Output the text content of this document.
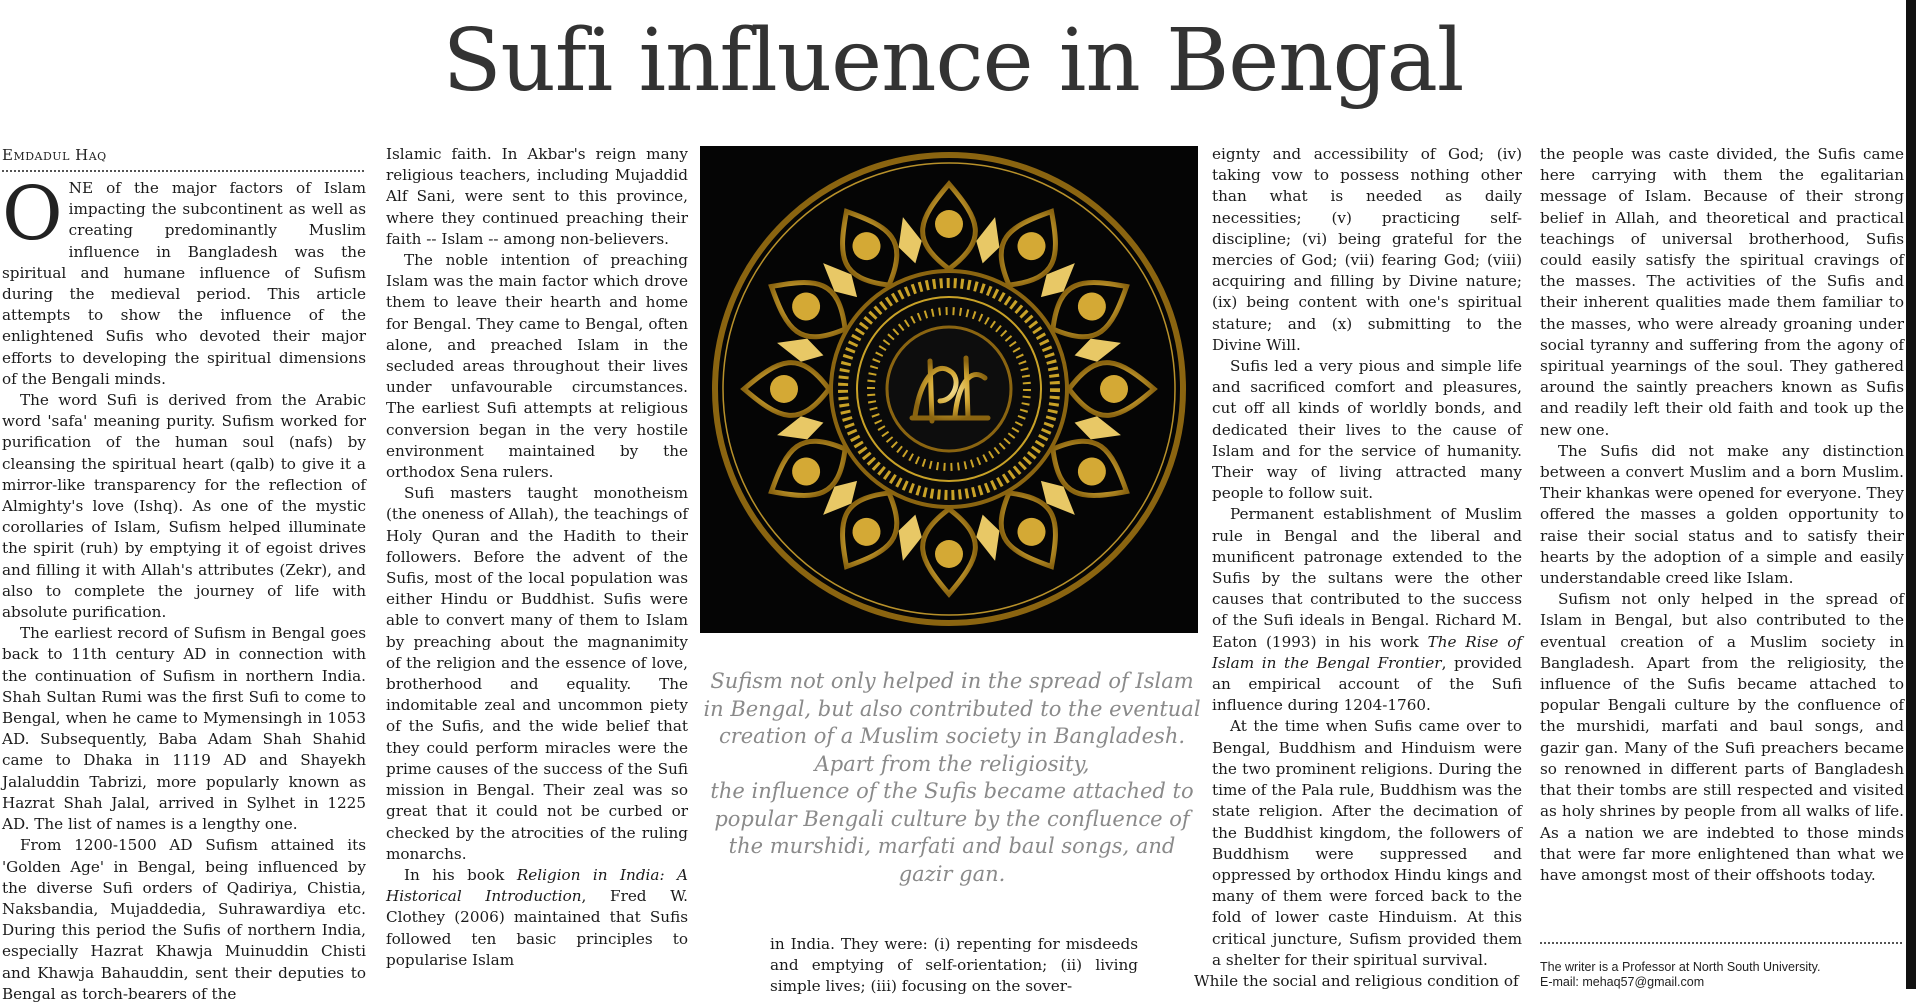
Sufi influence in Bengal
Emdadul Haq

ONE of the major factors of Islam impacting the subcontinent as well as creating predominantly Muslim influence in Bangladesh was the spiritual and humane influence of Sufism during the medieval period. This article attempts to show the influence of the enlightened Sufis who devoted their major efforts to developing the spiritual dimensions of the Bengali minds.

The word Sufi is derived from the Arabic word 'safa' meaning purity. Sufism worked for purification of the human soul (nafs) by cleansing the spiritual heart (qalb) to give it a mirror-like transparency for the reflection of Almighty's love (Ishq). As one of the mystic corollaries of Islam, Sufism helped illuminate the spirit (ruh) by emptying it of egoist drives and filling it with Allah's attributes (Zekr), and also to complete the journey of life with absolute purification.

The earliest record of Sufism in Bengal goes back to 11th century AD in connection with the continuation of Sufism in northern India. Shah Sultan Rumi was the first Sufi to come to Bengal, when he came to Mymensingh in 1053 AD. Subsequently, Baba Adam Shah Shahid came to Dhaka in 1119 AD and Shayekh Jalaluddin Tabrizi, more popularly known as Hazrat Shah Jalal, arrived in Sylhet in 1225 AD. The list of names is a lengthy one.

From 1200-1500 AD Sufism attained its 'Golden Age' in Bengal, being influenced by the diverse Sufi orders of Qadiriya, Chistia, Naksbandia, Mujaddedia, Suhrawardiya etc. During this period the Sufis of northern India, especially Hazrat Khawja Muinuddin Chisti and Khawja Bahauddin, sent their deputies to Bengal as torch-bearers of the

Islamic faith. In Akbar's reign many religious teachers, including Mujaddid Alf Sani, were sent to this province, where they continued preaching their faith -- Islam -- among non-believers.

The noble intention of preaching Islam was the main factor which drove them to leave their hearth and home for Bengal. They came to Bengal, often alone, and preached Islam in the secluded areas throughout their lives under unfavourable circumstances. The earliest Sufi attempts at religious conversion began in the very hostile environment maintained by the orthodox Sena rulers.

Sufi masters taught monotheism (the oneness of Allah), the teachings of Holy Quran and the Hadith to their followers. Before the advent of the Sufis, most of the local population was either Hindu or Buddhist. Sufis were able to convert many of them to Islam by preaching about the magnanimity of the religion and the essence of love, brotherhood and equality. The indomitable zeal and uncommon piety of the Sufis, and the wide belief that they could perform miracles were the prime causes of the success of the Sufi mission in Bengal. Their zeal was so great that it could not be curbed or checked by the atrocities of the ruling monarchs.

In his book Religion in India: A Historical Introduction, Fred W. Clothey (2006) maintained that Sufis followed ten basic principles to popularise Islam

Sufism not only helped in the spread of Islam in Bengal, but also contributed to the eventual creation of a Muslim society in Bangladesh. Apart from the religiosity,
the influence of the Sufis became attached to popular Bengali culture by the confluence of the murshidi, marfati and baul songs, and gazir gan.

in India. They were: (i) repenting for misdeeds and emptying of self-orientation; (ii) living simple lives; (iii) focusing on the sover-

eignty and accessibility of God; (iv) taking vow to possess nothing other than what is needed as daily necessities; (v) practicing self-discipline; (vi) being grateful for the mercies of God; (vii) fearing God; (viii) acquiring and filling by Divine nature; (ix) being content with one's spiritual stature; and (x) submitting to the Divine Will.

Sufis led a very pious and simple life and sacrificed comfort and pleasures, cut off all kinds of worldly bonds, and dedicated their lives to the cause of Islam and for the service of humanity. Their way of living attracted many people to follow suit.

Permanent establishment of Muslim rule in Bengal and the liberal and munificent patronage extended to the Sufis by the sultans were the other causes that contributed to the success of the Sufi ideals in Bengal. Richard M. Eaton (1993) in his work The Rise of Islam in the Bengal Frontier, provided an empirical account of the Sufi influence during 1204-1760.

At the time when Sufis came over to Bengal, Buddhism and Hinduism were the two prominent religions. During the time of the Pala rule, Buddhism was the state religion. After the decimation of the Buddhist kingdom, the followers of Buddhism were suppressed and oppressed by orthodox Hindu kings and many of them were forced back to the fold of lower caste Hinduism. At this critical juncture, Sufism provided them a shelter for their spiritual survival.

While the social and religious condition of

the people was caste divided, the Sufis came here carrying with them the egalitarian message of Islam. Because of their strong belief in Allah, and theoretical and practical teachings of universal brotherhood, Sufis could easily satisfy the spiritual cravings of the masses. The activities of the Sufis and their inherent qualities made them familiar to the masses, who were already groaning under social tyranny and suffering from the agony of spiritual yearnings of the soul. They gathered around the saintly preachers known as Sufis and readily left their old faith and took up the new one.

The Sufis did not make any distinction between a convert Muslim and a born Muslim. Their khankas were opened for everyone. They offered the masses a golden opportunity to raise their social status and to satisfy their hearts by the adoption of a simple and easily understandable creed like Islam.

Sufism not only helped in the spread of Islam in Bengal, but also contributed to the eventual creation of a Muslim society in Bangladesh. Apart from the religiosity, the influence of the Sufis became attached to popular Bengali culture by the confluence of the murshidi, marfati and baul songs, and gazir gan. Many of the Sufi preachers became so renowned in different parts of Bangladesh that their tombs are still respected and visited as holy shrines by people from all walks of life. As a nation we are indebted to those minds that were far more enlightened than what we have amongst most of their offshoots today.

The writer is a Professor at North South University.
E-mail: mehaq57@gmail.com
